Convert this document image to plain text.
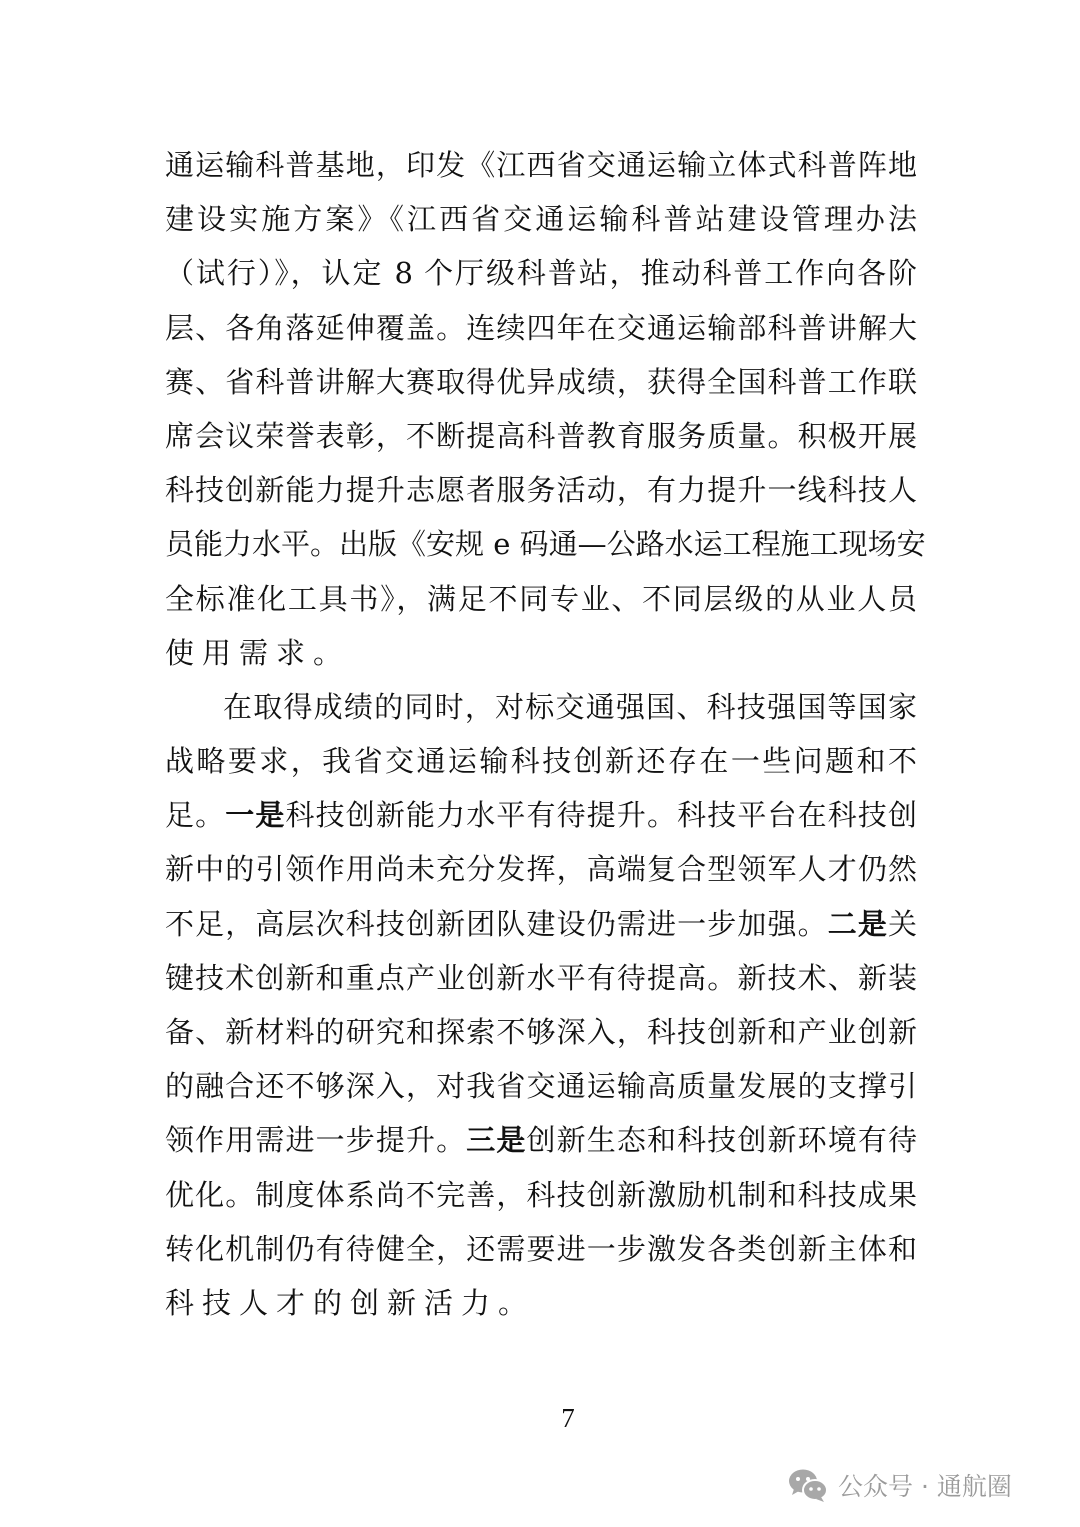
通运输科普基地，印发《江西省交通运输立体式科普阵地
建设实施方案》《江西省交通运输科普站建设管理办法
（试行）》，认定 8 个厅级科普站，推动科普工作向各阶
层、各角落延伸覆盖。连续四年在交通运输部科普讲解大
赛、省科普讲解大赛取得优异成绩，获得全国科普工作联
席会议荣誉表彰，不断提高科普教育服务质量。积极开展
科技创新能力提升志愿者服务活动，有力提升一线科技人
员能力水平。出版《安规 e 码通—公路水运工程施工现场安
全标准化工具书》，满足不同专业、不同层级的从业人员
使用需求。
在取得成绩的同时，对标交通强国、科技强国等国家
战略要求，我省交通运输科技创新还存在一些问题和不
足。一是科技创新能力水平有待提升。科技平台在科技创
新中的引领作用尚未充分发挥，高端复合型领军人才仍然
不足，高层次科技创新团队建设仍需进一步加强。二是关
键技术创新和重点产业创新水平有待提高。新技术、新装
备、新材料的研究和探索不够深入，科技创新和产业创新
的融合还不够深入，对我省交通运输高质量发展的支撑引
领作用需进一步提升。三是创新生态和科技创新环境有待
优化。制度体系尚不完善，科技创新激励机制和科技成果
转化机制仍有待健全，还需要进一步激发各类创新主体和
科技人才的创新活力。
7
公众号 · 通航圈
